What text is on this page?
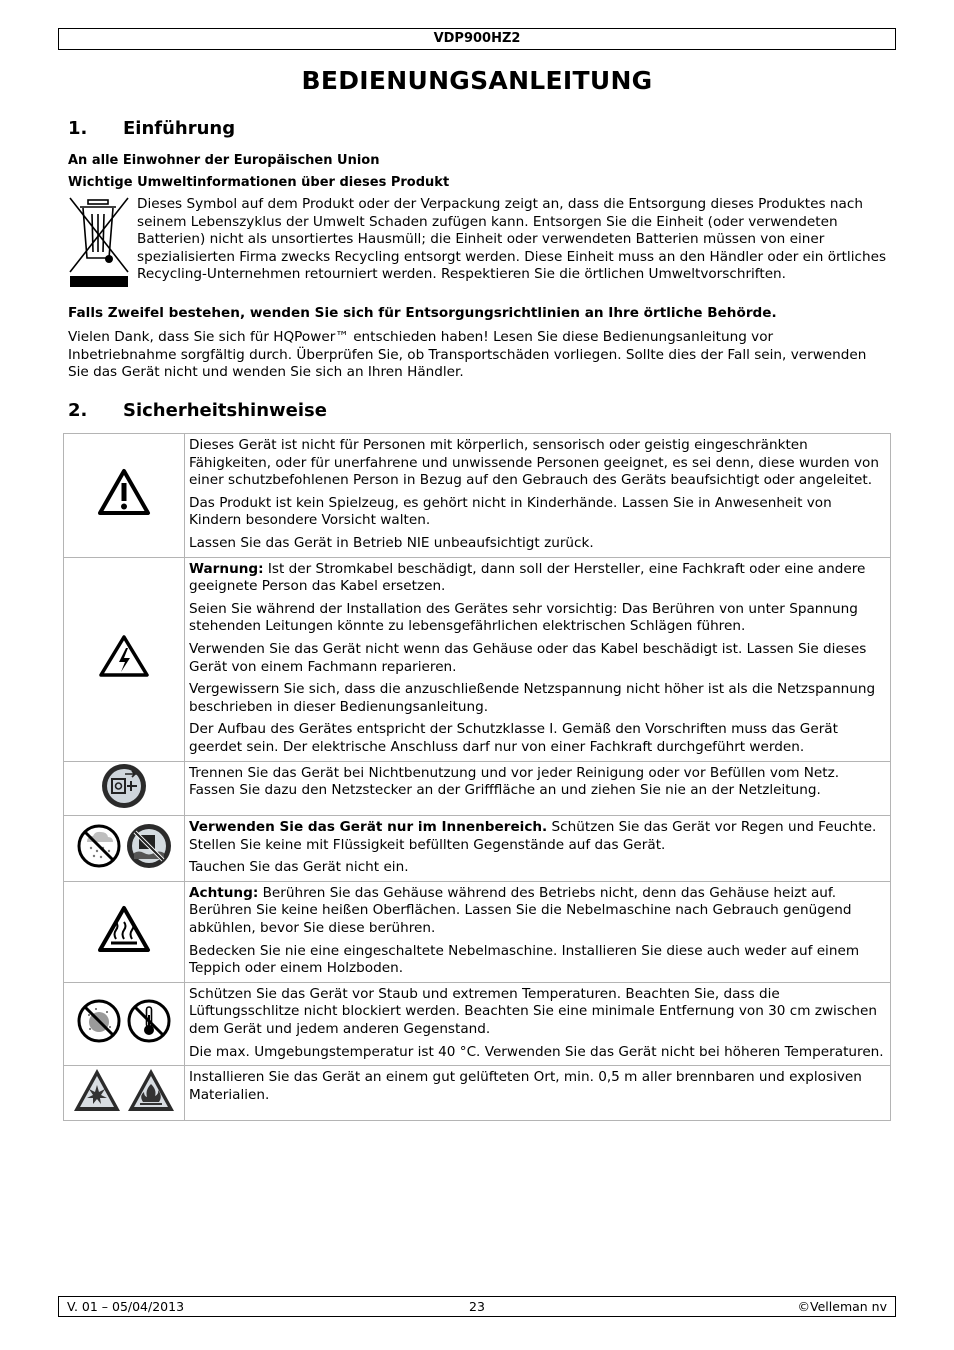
VDP900HZ2
BEDIENUNGSANLEITUNG
1. Einführung

An alle Einwohner der Europäischen Union

Wichtige Umweltinformationen über dieses Produkt

Dieses Symbol auf dem Produkt oder der Verpackung zeigt an, dass die Entsorgung dieses Produktes nach seinem Lebenszyklus der Umwelt Schaden zufügen kann. Entsorgen Sie die Einheit (oder verwendeten Batterien) nicht als unsortiertes Hausmüll; die Einheit oder verwendeten Batterien müssen von einer spezialisierten Firma zwecks Recycling entsorgt werden. Diese Einheit muss an den Händler oder ein örtliches Recycling-Unternehmen retourniert werden. Respektieren Sie die örtlichen Umweltvorschriften.

Falls Zweifel bestehen, wenden Sie sich für Entsorgungsrichtlinien an Ihre örtliche Behörde.

Vielen Dank, dass Sie sich für HQPower™ entschieden haben! Lesen Sie diese Bedienungsanleitung vor Inbetriebnahme sorgfältig durch. Überprüfen Sie, ob Transportschäden vorliegen. Sollte dies der Fall sein, verwenden Sie das Gerät nicht und wenden Sie sich an Ihren Händler.

2. Sicherheitshinweise

Dieses Gerät ist nicht für Personen mit körperlich, sensorisch oder geistig eingeschränkten Fähigkeiten, oder für unerfahrene und unwissende Personen geeignet, es sei denn, diese wurden von einer schutzbefohlenen Person in Bezug auf den Gebrauch des Geräts beaufsichtigt oder angeleitet.

Das Produkt ist kein Spielzeug, es gehört nicht in Kinderhände. Lassen Sie in Anwesenheit von Kindern besondere Vorsicht walten.

Lassen Sie das Gerät in Betrieb NIE unbeaufsichtigt zurück.

Warnung: Ist der Stromkabel beschädigt, dann soll der Hersteller, eine Fachkraft oder eine andere geeignete Person das Kabel ersetzen.

Seien Sie während der Installation des Gerätes sehr vorsichtig: Das Berühren von unter Spannung stehenden Leitungen könnte zu lebensgefährlichen elektrischen Schlägen führen.

Verwenden Sie das Gerät nicht wenn das Gehäuse oder das Kabel beschädigt ist. Lassen Sie dieses Gerät von einem Fachmann reparieren.

Vergewissern Sie sich, dass die anzuschließende Netzspannung nicht höher ist als die Netzspannung beschrieben in dieser Bedienungsanleitung.

Der Aufbau des Gerätes entspricht der Schutzklasse I. Gemäß den Vorschriften muss das Gerät geerdet sein. Der elektrische Anschluss darf nur von einer Fachkraft durchgeführt werden.

Trennen Sie das Gerät bei Nichtbenutzung und vor jeder Reinigung oder vor Befüllen vom Netz. Fassen Sie dazu den Netzstecker an der Grifffläche an und ziehen Sie nie an der Netzleitung.

Verwenden Sie das Gerät nur im Innenbereich. Schützen Sie das Gerät vor Regen und Feuchte. Stellen Sie keine mit Flüssigkeit befüllten Gegenstände auf das Gerät.

Tauchen Sie das Gerät nicht ein.

Achtung: Berühren Sie das Gehäuse während des Betriebs nicht, denn das Gehäuse heizt auf. Berühren Sie keine heißen Oberflächen. Lassen Sie die Nebelmaschine nach Gebrauch genügend abkühlen, bevor Sie diese berühren.

Bedecken Sie nie eine eingeschaltete Nebelmaschine. Installieren Sie diese auch weder auf einem Teppich oder einem Holzboden.

Schützen Sie das Gerät vor Staub und extremen Temperaturen. Beachten Sie, dass die Lüftungsschlitze nicht blockiert werden. Beachten Sie eine minimale Entfernung von 30 cm zwischen dem Gerät und jedem anderen Gegenstand.

Die max. Umgebungstemperatur ist 40 °C. Verwenden Sie das Gerät nicht bei höheren Temperaturen.

Installieren Sie das Gerät an einem gut gelüfteten Ort, min. 0,5 m aller brennbaren und explosiven Materialien.

V. 01 – 05/04/2013	23	©Velleman nv
